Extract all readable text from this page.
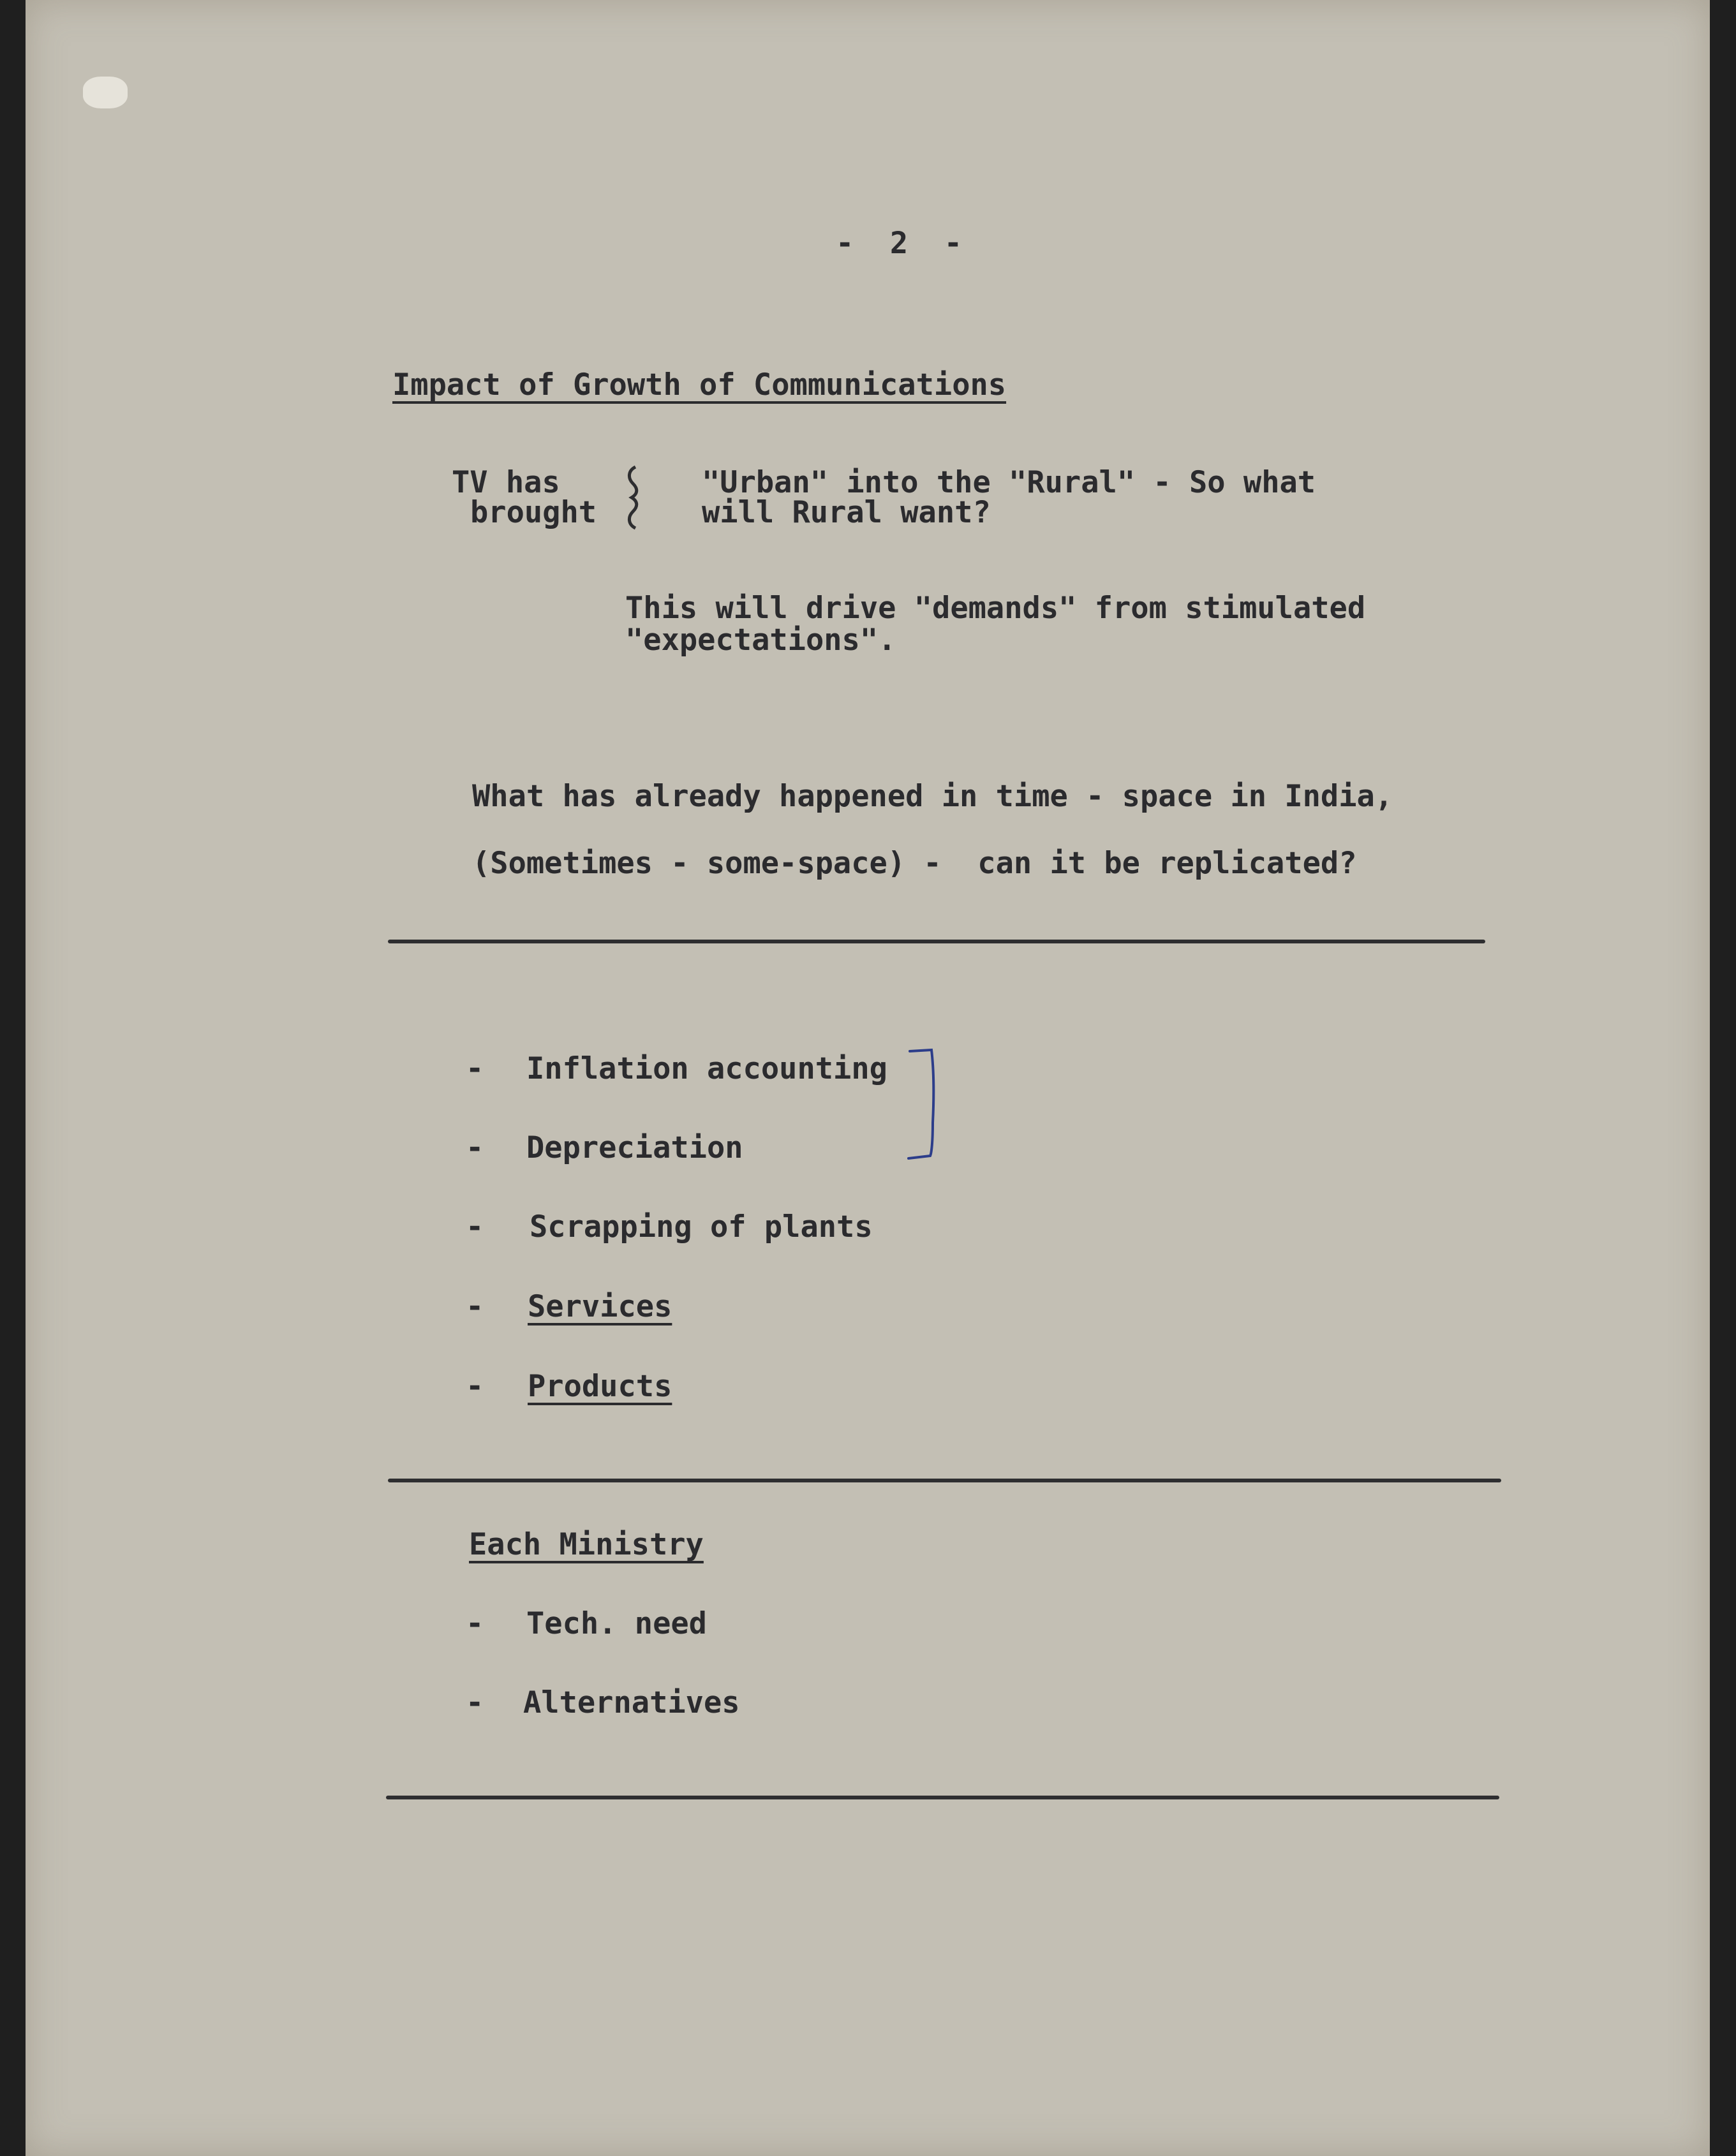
-  2  -
Impact of Growth of Communications
TV has
brought
"Urban" into the "Rural" - So what
will Rural want?
This will drive "demands" from stimulated
"expectations".
What has already happened in time - space in India,
(Sometimes - some-space) -  can it be replicated?
- Inflation accounting
- Depreciation
- Scrapping of plants
- Services
- Products
Each Ministry
- Tech. need
- Alternatives
